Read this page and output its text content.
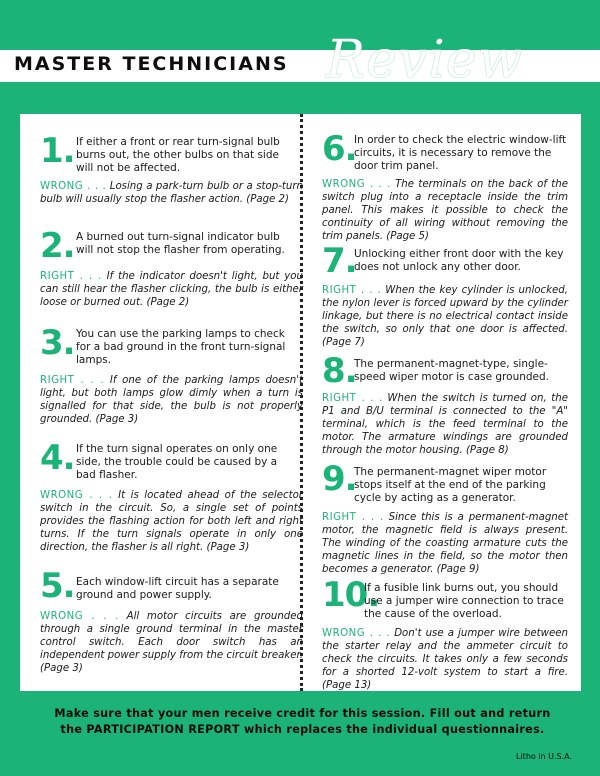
MASTER TECHNICIANS Review
1. If either a front or rear turn-signal bulb burns out, the other bulbs on that side will not be affected.
WRONG . . . Losing a park-turn bulb or a stop-turn bulb will usually stop the flasher action. (Page 2)
2. A burned out turn-signal indicator bulb will not stop the flasher from operating.
RIGHT . . . If the indicator doesn't light, but you can still hear the flasher clicking, the bulb is either loose or burned out. (Page 2)
3. You can use the parking lamps to check for a bad ground in the front turn-signal lamps.
RIGHT . . . If one of the parking lamps doesn't light, but both lamps glow dimly when a turn is signalled for that side, the bulb is not properly grounded. (Page 3)
4. If the turn signal operates on only one side, the trouble could be caused by a bad flasher.
WRONG . . . It is located ahead of the selector switch in the circuit. So, a single set of points provides the flashing action for both left and right turns. If the turn signals operate in only one direction, the flasher is all right. (Page 3)
5. Each window-lift circuit has a separate ground and power supply.
WRONG . . . All motor circuits are grounded through a single ground terminal in the master control switch. Each door switch has an independent power supply from the circuit breaker. (Page 3)
6.
In order to check the electric window-lift circuits, it is necessary to remove the door trim panel.
WRONG . . . The terminals on the back of the switch plug into a receptacle inside the trim panel. This makes it possible to check the continuity of all wiring without removing the trim panels. (Page 5)
7.
Unlocking either front door with the key does not unlock any other door.
RIGHT . . . When the key cylinder is unlocked, the nylon lever is forced upward by the cylinder linkage, but there is no electrical contact inside the switch, so only that one door is affected. (Page 7)
8.
The permanent-magnet-type, single-speed wiper motor is case grounded.
RIGHT . . . When the switch is turned on, the P1 and B/U terminal is connected to the "A" terminal, which is the feed terminal to the motor. The armature windings are grounded through the motor housing. (Page 8)
9.
The permanent-magnet wiper motor stops itself at the end of the parking cycle by acting as a generator.
RIGHT . . . Since this is a permanent-magnet motor, the magnetic field is always present. The winding of the coasting armature cuts the magnetic lines in the field, so the motor then becomes a generator. (Page 9)
10.
If a fusible link burns out, you should use a jumper wire connection to trace the cause of the overload.
WRONG . . . Don't use a jumper wire between the starter relay and the ammeter circuit to check the circuits. It takes only a few seconds for a shorted 12-volt system to start a fire. (Page 13)
Make sure that your men receive credit for this session. Fill out and return
the PARTICIPATION REPORT which replaces the individual questionnaires.
Litho in U.S.A.
